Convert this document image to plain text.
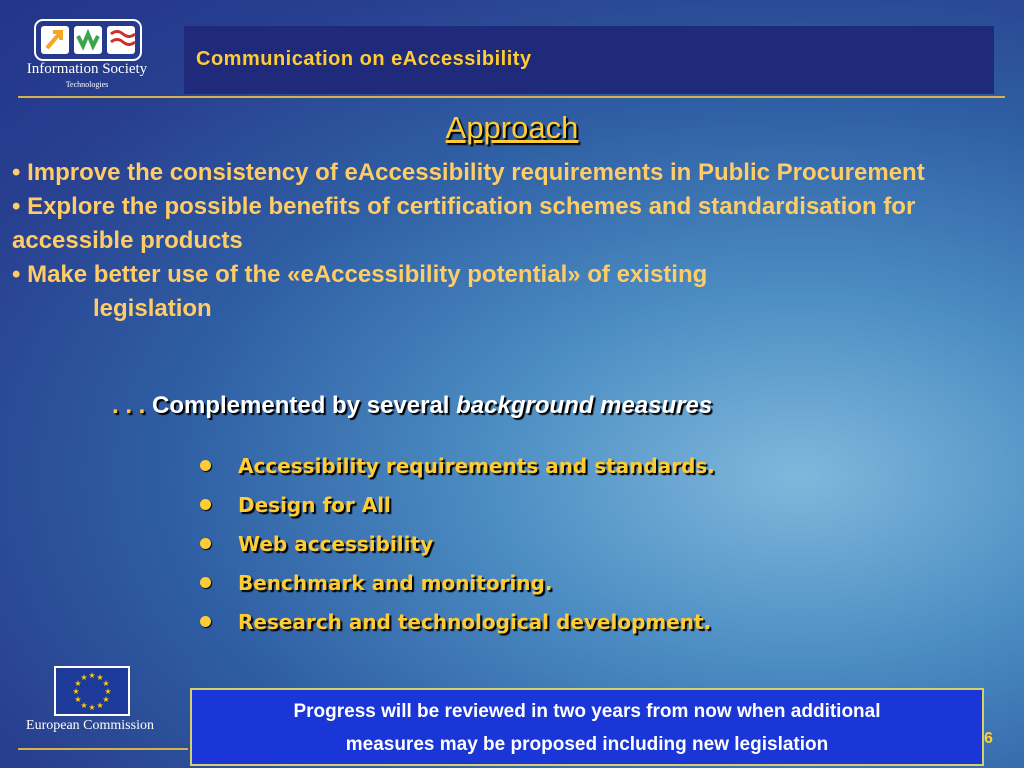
Information Society
Technologies
Communication on eAccessibility
Approach

• Improve the consistency of eAccessibility requirements in Public Procurement

• Explore the possible benefits of certification schemes and standardisation for accessible products

• Make better use of the «eAccessibility potential» of existing

legislation

. . . Complemented by several background measures
Accessibility requirements and standards.
Design for All
Web accessibility
Benchmark and monitoring.
Research and technological development.
★ ★
★
★
★
★
★
★
★
★
★
★
European Commission
Progress will be reviewed in two years from now when additional
measures may be proposed including new legislation	6
